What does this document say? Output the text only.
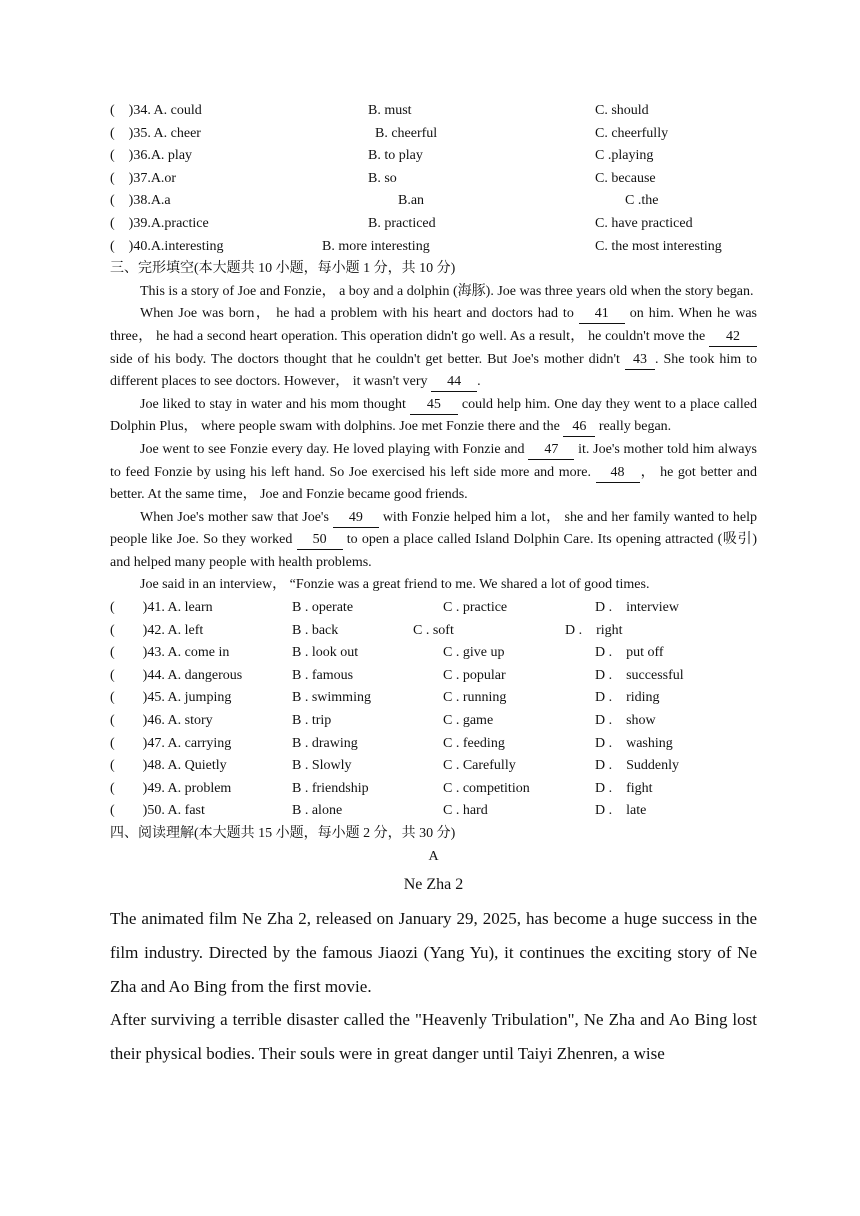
(　)34. A. could	B. must	C. should
(　)35. A. cheer	B. cheerful	C. cheerfully
(　)36.A. play	B. to play	C .playing
(　)37.A.or	B. so	C. because
(　)38.A.a	B.an	C .the
(　)39.A.practice	B. practiced	C. have practiced
(　)40.A.interesting	B. more interesting	C. the most interesting
三、完形填空(本大题共 10 小题，每小题 1 分，共 10 分)

This is a story of Joe and Fonzie， a boy and a dolphin (海豚). Joe was three years old when the story began.

When Joe was born， he had a problem with his heart and doctors had to 41 on him. When he was three， he had a second heart operation. This operation didn't go well. As a result， he couldn't move the 42 side of his body. The doctors thought that he couldn't get better. But Joe's mother didn't 43 . She took him to different places to see doctors. However， it wasn't very 44 .

Joe liked to stay in water and his mom thought 45 could help him. One day they went to a place called Dolphin Plus， where people swam with dolphins. Joe met Fonzie there and the 46 really began.

Joe went to see Fonzie every day. He loved playing with Fonzie and 47 it. Joe's mother told him always to feed Fonzie by using his left hand. So Joe exercised his left side more and more. 48 ， he got better and better. At the same time， Joe and Fonzie became good friends.

When Joe's mother saw that Joe's 49 with Fonzie helped him a lot， she and her family wanted to help people like Joe. So they worked 50 to open a place called Island Dolphin Care. Its opening attracted (吸引) and helped many people with health problems.

Joe said in an interview， “Fonzie was a great friend to me. We shared a lot of good times.

(　　)41. A. learn	B . operate	C . practice	D .　interview
(　　)42. A. left	B . back	C . soft	D .　right
(　　)43. A. come in	B . look out	C . give up	D .　put off
(　　)44. A. dangerous	B . famous	C . popular	D .　successful
(　　)45. A. jumping	B . swimming	C . running	D .　riding
(　　)46. A. story	B . trip	C . game	D .　show
(　　)47. A. carrying	B . drawing	C . feeding	D .　washing
(　　)48. A. Quietly	B . Slowly	C . Carefully	D .　Suddenly
(　　)49. A. problem	B . friendship	C . competition	D .　fight
(　　)50. A. fast	B . alone	C . hard	D .　late
四、阅读理解(本大题共 15 小题，每小题 2 分，共 30 分)
A
Ne Zha 2

The animated film Ne Zha 2, released on January 29, 2025, has become a huge success in the film industry. Directed by the famous Jiaozi (Yang Yu), it continues the exciting story of Ne Zha and Ao Bing from the first movie.

After surviving a terrible disaster called the "Heavenly Tribulation", Ne Zha and Ao Bing lost their physical bodies. Their souls were in great danger until Taiyi Zhenren, a wise
